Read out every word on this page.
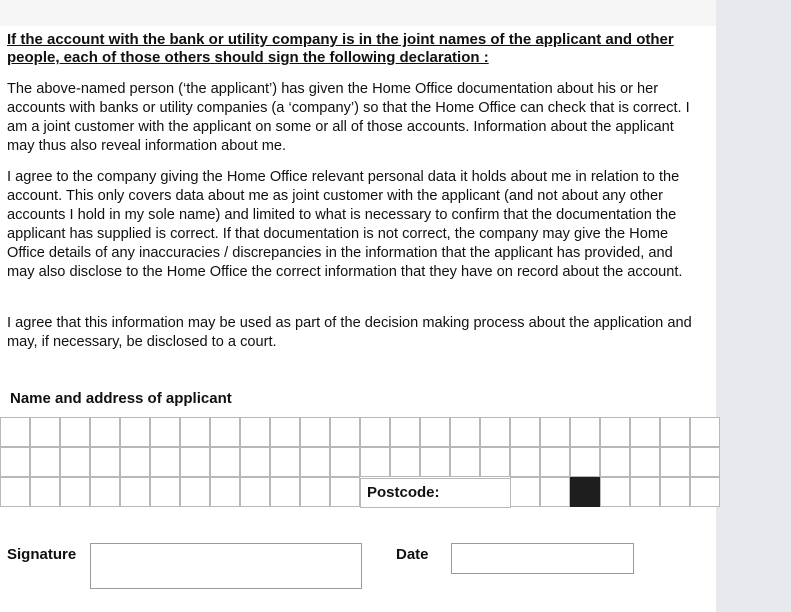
If the account with the bank or utility company is in the joint names of the applicant and other people, each of those others should sign the following declaration :

The above-named person (‘the applicant’) has given the Home Office documentation about his or her accounts with banks or utility companies (a ‘company’) so that the Home Office can check that is correct. I am a joint customer with the applicant on some or all of those accounts. Information about the applicant may thus also reveal information about me.

I agree to the company giving the Home Office relevant personal data it holds about me in relation to the account. This only covers data about me as joint customer with the applicant (and not about any other accounts I hold in my sole name) and limited to what is necessary to confirm that the documentation the applicant has supplied is correct. If that documentation is not correct, the company may give the Home Office details of any inaccuracies / discrepancies in the information that the applicant has provided, and may also disclose to the Home Office the correct information that they have on record about the account.

I agree that this information may be used as part of the decision making process about the application and may, if necessary, be disclosed to a court.

Name and address of applicant

Postcode:
Signature	Date
